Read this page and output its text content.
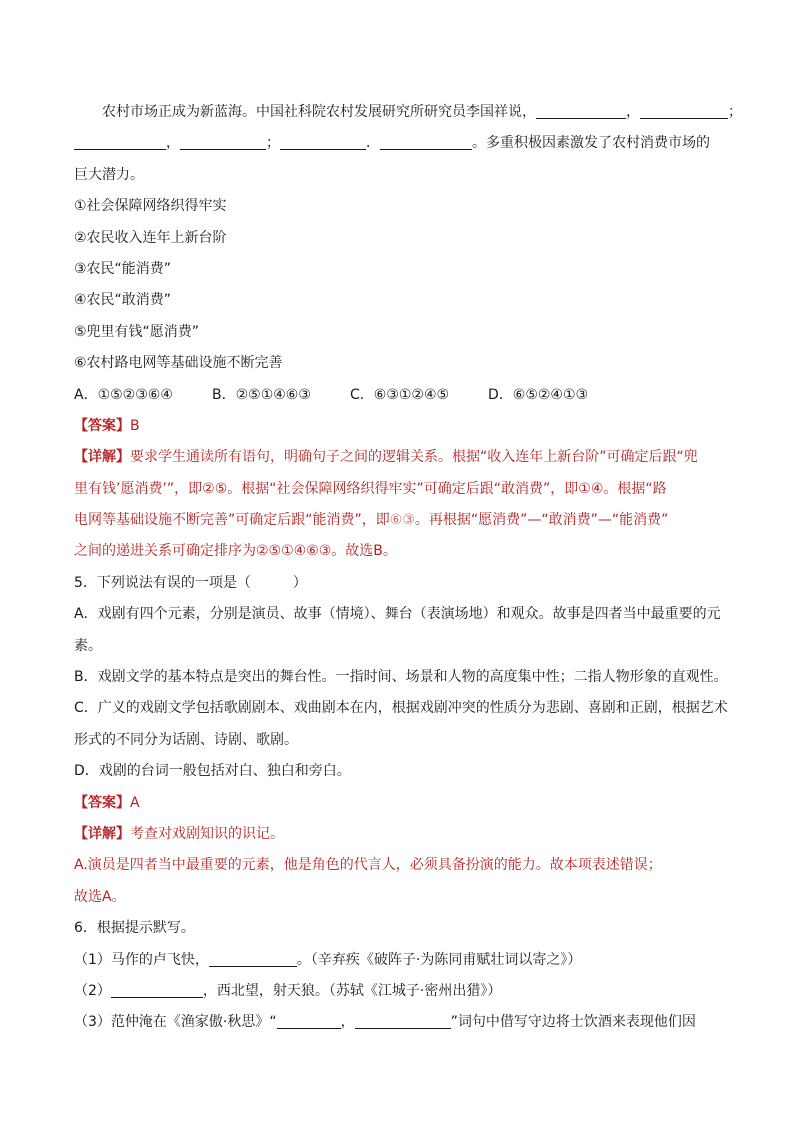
农村市场正成为新蓝海。中国社科院农村发展研究所研究员李国祥说，	，	；
，	；	．	。多重积极因素激发了农村消费市场的
巨大潜力。
①社会保障网络织得牢实
②农民收入连年上新台阶
③农民“能消费”
④农民“敢消费”
⑤兜里有钱“愿消费”
⑥农村路电网等基础设施不断完善
A．①⑤②③⑥④	B．②⑤①④⑥③	C．⑥③①②④⑤	D．⑥⑤②④①③
【答案】B
【详解】要求学生通读所有语句，明确句子之间的逻辑关系。根据“收入连年上新台阶”可确定后跟“兜
里有钱’愿消费’”，即②⑤。根据“社会保障网络织得牢实”可确定后跟“敢消费”，即①④。根据“路
电网等基础设施不断完善”可确定后跟“能消费”，即⑥③。再根据“愿消费”—“敢消费”—“能消费”
之间的递进关系可确定排序为②⑤①④⑥③。故选B。
5．下列说法有误的一项是（　　　）
A．戏剧有四个元素，分别是演员、故事（情境）、舞台（表演场地）和观众。故事是四者当中最重要的元
素。
B．戏剧文学的基本特点是突出的舞台性。一指时间、场景和人物的高度集中性；二指人物形象的直观性。
C．广义的戏剧文学包括歌剧剧本、戏曲剧本在内，根据戏剧冲突的性质分为悲剧、喜剧和正剧，根据艺术
形式的不同分为话剧、诗剧、歌剧。
D．戏剧的台词一般包括对白、独白和旁白。
【答案】A
【详解】考查对戏剧知识的识记。
A.演员是四者当中最重要的元素，他是角色的代言人，必须具备扮演的能力。故本项表述错误；
故选A。
6．根据提示默写。
（1）马作的卢飞快，	。（辛弃疾《破阵子·为陈同甫赋壮词以寄之》）
（2）	，西北望，射天狼。（苏轼《江城子·密州出猎》）
（3）范仲淹在《渔家傲·秋思》“	，	”词句中借写守边将士饮酒来表现他们因
